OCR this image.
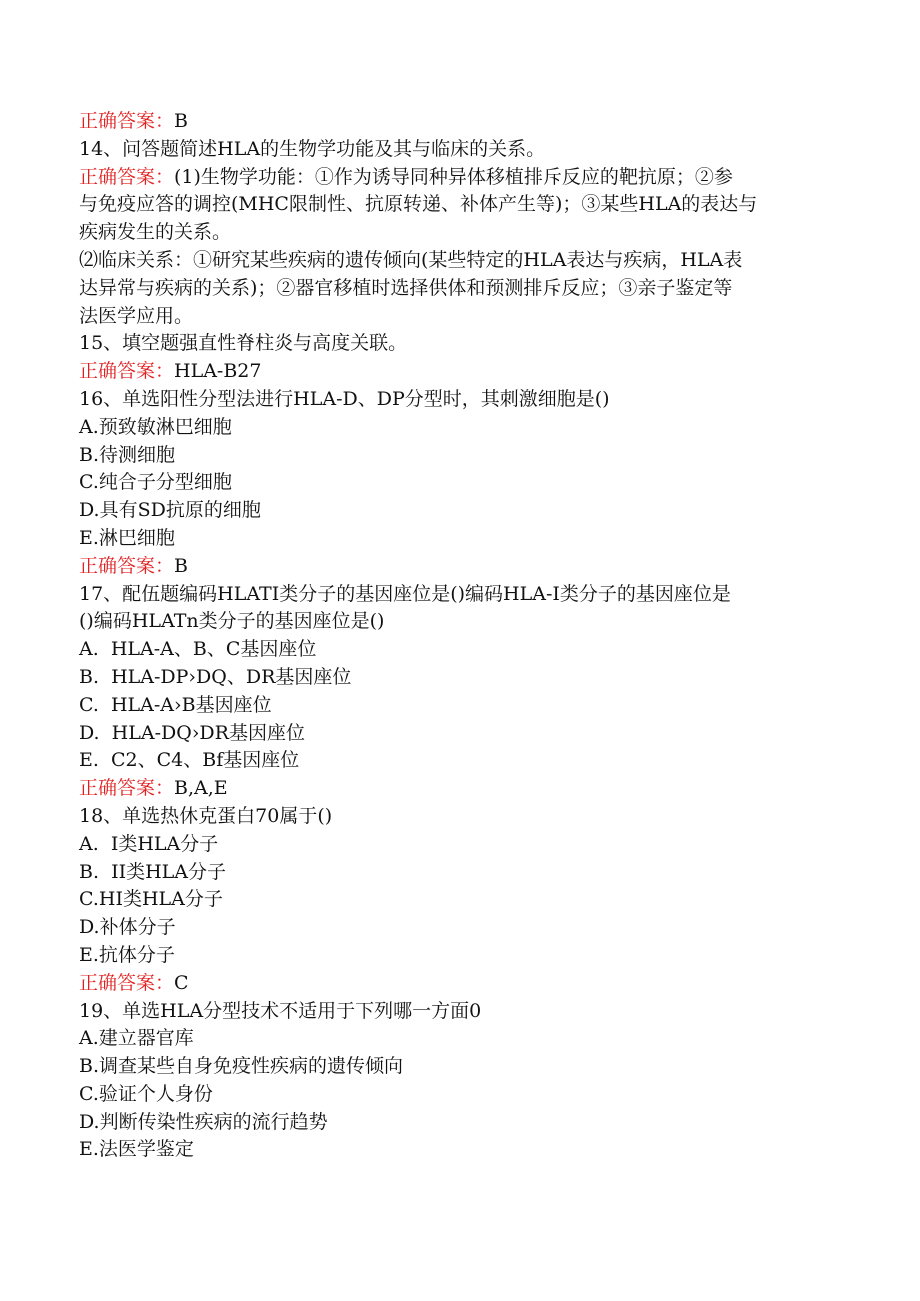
正确答案：B

14、问答题简述HLA的生物学功能及其与临床的关系。

正确答案：(1)生物学功能：①作为诱导同种异体移植排斥反应的靶抗原；②参

与免疫应答的调控(MHC限制性、抗原转递、补体产生等)；③某些HLA的表达与

疾病发生的关系。

⑵临床关系：①研究某些疾病的遗传倾向(某些特定的HLA表达与疾病，HLA表

达异常与疾病的关系)；②器官移植时选择供体和预测排斥反应；③亲子鉴定等

法医学应用。

15、填空题强直性脊柱炎与高度关联。

正确答案：HLA-B27

16、单选阳性分型法进行HLA-D、DP分型时，其刺激细胞是()

A.预致敏淋巴细胞

B.待测细胞

C.纯合子分型细胞

D.具有SD抗原的细胞

E.淋巴细胞

正确答案：B

17、配伍题编码HLATI类分子的基因座位是()编码HLA-I类分子的基因座位是

()编码HLATn类分子的基因座位是()

A.  HLA-A、B、C基因座位

B.  HLA-DP›DQ、DR基因座位

C.  HLA-A›B基因座位

D.  HLA-DQ›DR基因座位

E.  C2、C4、Bf基因座位

正确答案：B,A,E

18、单选热休克蛋白70属于()

A.  I类HLA分子

B.  II类HLA分子

C.HI类HLA分子

D.补体分子

E.抗体分子

正确答案：C

19、单选HLA分型技术不适用于下列哪一方面0

A.建立器官库

B.调查某些自身免疫性疾病的遗传倾向

C.验证个人身份

D.判断传染性疾病的流行趋势

E.法医学鉴定
